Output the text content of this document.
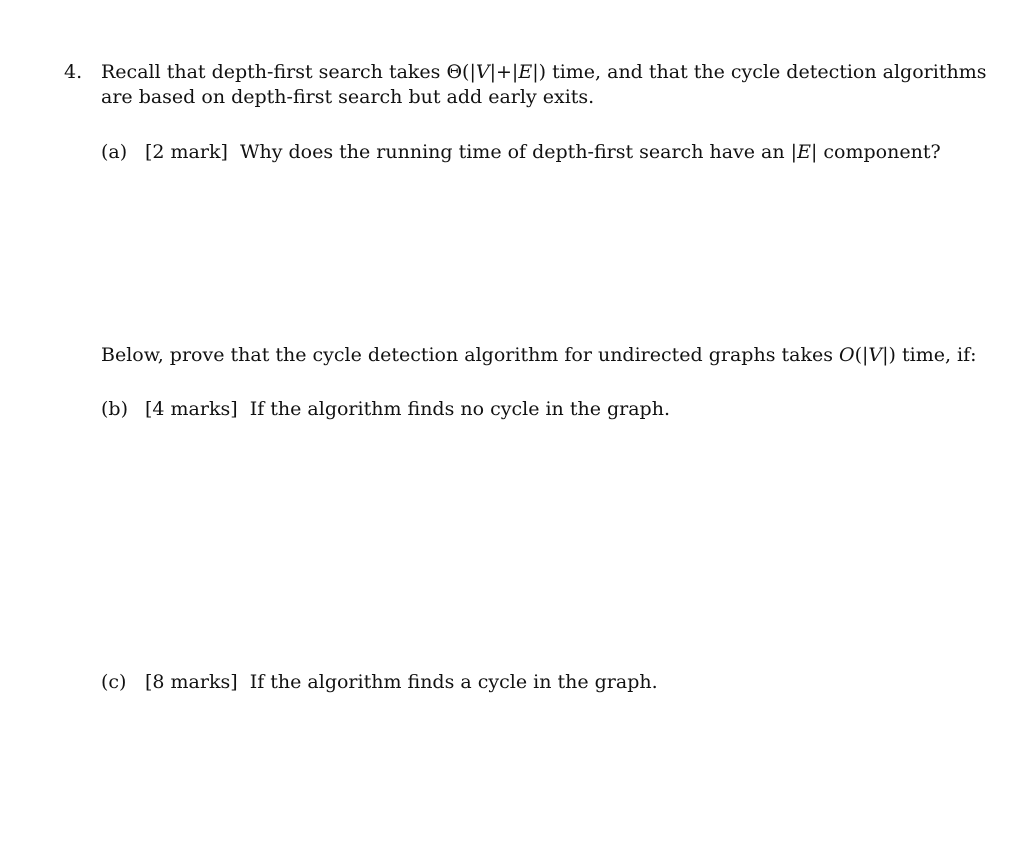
4. Recall that depth-first search takes Θ(|V|+|E|) time, and that the cycle detection algorithms
are based on depth-first search but add early exits.
(a) [2 mark] Why does the running time of depth-first search have an |E| component?
Below, prove that the cycle detection algorithm for undirected graphs takes O(|V|) time, if:
(b) [4 marks] If the algorithm finds no cycle in the graph.
(c) [8 marks] If the algorithm finds a cycle in the graph.
